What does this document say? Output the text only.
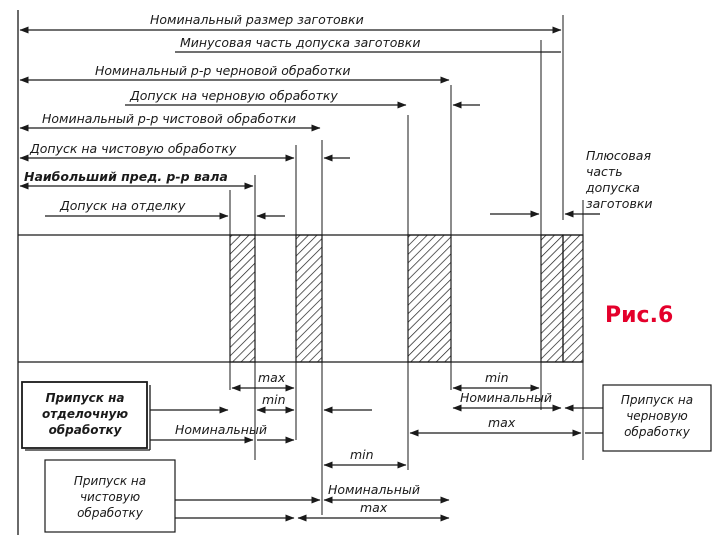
Номинальный размер заготовки
Минусовая часть допуска заготовки
Номинальный р-р черновой обработки
Допуск на черновую обработку
Номинальный р-р чистовой обработки
Допуск на чистовую обработку
Наибольший пред. р-р вала
Допуск на отделку
Плюсовая
часть
допуска
заготовки
Рис.6
Припуск на
отделочную
обработку
max
min
Номинальный
Припуск на
чистовую
обработку
min
Номинальный
max
Припуск на
черновую
обработку
min
Номинальный
max
